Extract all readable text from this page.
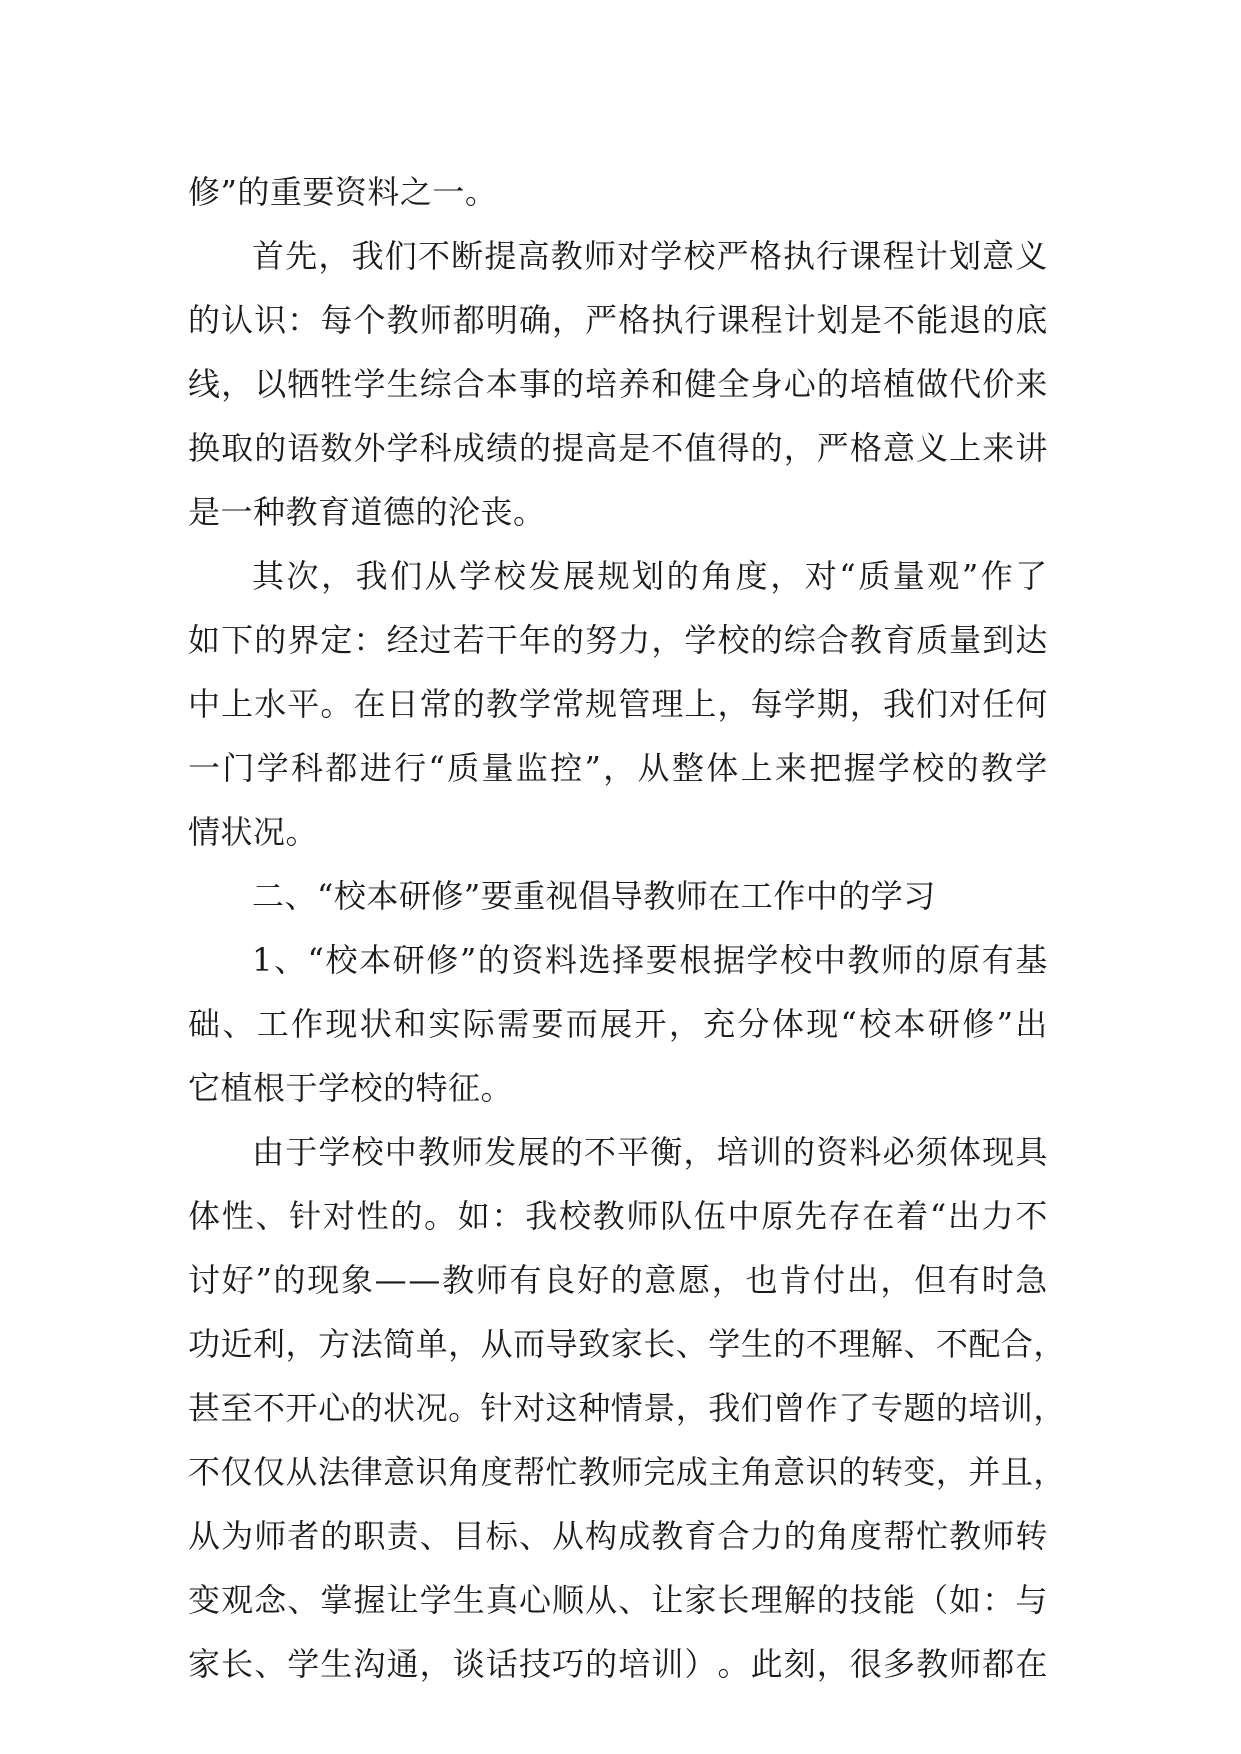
修”的重要资料之一。
首 先 ， 我 们 不 断 提 高 教 师 对 学 校 严 格 执 行 课 程 计 划 意 义
的 认 识 ： 每 个 教 师 都 明 确 ， 严 格 执 行 课 程 计 划 是 不 能 退 的 底
线 ， 以 牺 牲 学 生 综 合 本 事 的 培 养 和 健 全 身 心 的 培 植 做 代 价 来
换 取 的 语 数 外 学 科 成 绩 的 提 高 是 不 值 得 的 ， 严 格 意 义 上 来 讲
是一种教育道德的沦丧。
其 次 ， 我 们 从 学 校 发 展 规 划 的 角 度 ， 对 “ 质 量 观 ” 作 了
如 下 的 界 定 ： 经 过 若 干 年 的 努 力 ， 学 校 的 综 合 教 育 质 量 到 达
中 上 水 平 。 在 日 常 的 教 学 常 规 管 理 上 ， 每 学 期 ， 我 们 对 任 何
一 门 学 科 都 进 行 “ 质 量 监 控 ” ， 从 整 体 上 来 把 握 学 校 的 教 学
情状况。
二、“校本研修”要重视倡导教师在工作中的学习
1 、 “ 校 本 研 修 ” 的 资 料 选 择 要 根 据 学 校 中 教 师 的 原 有 基
础 、 工 作 现 状 和 实 际 需 要 而 展 开 ， 充 分 体 现 “ 校 本 研 修 ” 出
它植根于学校的特征。
由 于 学 校 中 教 师 发 展 的 不 平 衡 ， 培 训 的 资 料 必 须 体 现 具
体 性 、 针 对 性 的 。 如 ： 我 校 教 师 队 伍 中 原 先 存 在 着 “ 出 力 不
讨 好 ” 的 现 象 — — 教 师 有 良 好 的 意 愿 ， 也 肯 付 出 ， 但 有 时 急
功 近 利 ， 方 法 简 单 ， 从 而 导 致 家 长 、 学 生 的 不 理 解 、 不 配 合 ，
甚 至 不 开 心 的 状 况 。 针 对 这 种 情 景 ， 我 们 曾 作 了 专 题 的 培 训 ，
不 仅 仅 从 法 律 意 识 角 度 帮 忙 教 师 完 成 主 角 意 识 的 转 变 ， 并 且 ，
从 为 师 者 的 职 责 、 目 标 、 从 构 成 教 育 合 力 的 角 度 帮 忙 教 师 转
变 观 念 、 掌 握 让 学 生 真 心 顺 从 、 让 家 长 理 解 的 技 能 （ 如 ： 与
家 长 、 学 生 沟 通 ， 谈 话 技 巧 的 培 训 ） 。 此 刻 ， 很 多 教 师 都 在
